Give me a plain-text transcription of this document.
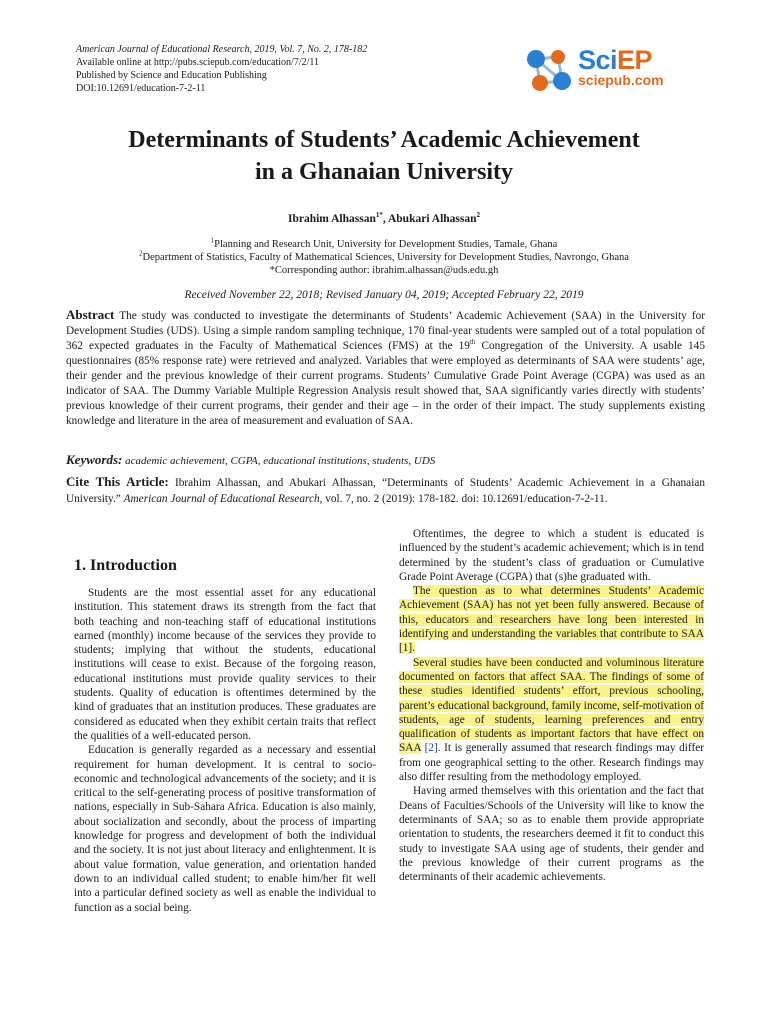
American Journal of Educational Research, 2019, Vol. 7, No. 2, 178-182
Available online at http://pubs.sciepub.com/education/7/2/11
Published by Science and Education Publishing
DOI:10.12691/education-7-2-11
SciEP
sciepub.com
Determinants of Students’ Academic Achievement
in a Ghanaian University
Ibrahim Alhassan$^{1*}$, Abukari Alhassan$^2$
$^1$Planning and Research Unit, University for Development Studies, Tamale, Ghana
$^2$Department of Statistics, Faculty of Mathematical Sciences, University for Development Studies, Navrongo, Ghana
*Corresponding author: ibrahim.alhassan@uds.edu.gh
Received November 22, 2018; Revised January 04, 2019; Accepted February 22, 2019
Abstract The study was conducted to investigate the determinants of Students’ Academic Achievement (SAA) in the University for Development Studies (UDS). Using a simple random sampling technique, 170 final-year students were sampled out of a total population of 362 expected graduates in the Faculty of Mathematical Sciences (FMS) at the 19th Congregation of the University. A usable 145 questionnaires (85% response rate) were retrieved and analyzed. Variables that were employed as determinants of SAA were students’ age, their gender and the previous knowledge of their current programs. Students’ Cumulative Grade Point Average (CGPA) was used as an indicator of SAA. The Dummy Variable Multiple Regression Analysis result showed that, SAA significantly varies directly with students’ previous knowledge of their current programs, their gender and their age – in the order of their impact. The study supplements existing knowledge and literature in the area of measurement and evaluation of SAA.
Keywords: academic achievement, CGPA, educational institutions, students, UDS
Cite This Article: Ibrahim Alhassan, and Abukari Alhassan, “Determinants of Students’ Academic Achievement in a Ghanaian University.” American Journal of Educational Research, vol. 7, no. 2 (2019): 178-182. doi: 10.12691/education-7-2-11.
1. Introduction

Students are the most essential asset for any educational institution. This statement draws its strength from the fact that both teaching and non-teaching staff of educational institutions earned (monthly) income because of the services they provide to students; implying that without the students, educational institutions will cease to exist. Because of the forgoing reason, educational institutions must provide quality services to their students. Quality of education is oftentimes determined by the kind of graduates that an institution produces. These graduates are considered as educated when they exhibit certain traits that reflect the qualities of a well-educated person.

Education is generally regarded as a necessary and essential requirement for human development. It is central to socio-economic and technological advancements of the society; and it is critical to the self-generating process of positive transformation of nations, especially in Sub-Sahara Africa. Education is also mainly, about socialization and secondly, about the process of imparting knowledge for progress and development of both the individual and the society. It is not just about literacy and enlightenment. It is about value formation, value generation, and orientation handed down to an individual called student; to enable him/her fit well into a particular defined society as well as enable the individual to function as a social being.

Oftentimes, the degree to which a student is educated is influenced by the student’s academic achievement; which is in tend determined by the student’s class of graduation or Cumulative Grade Point Average (CGPA) that (s)he graduated with.

The question as to what determines Students’ Academic Achievement (SAA) has not yet been fully answered. Because of this, educators and researchers have long been interested in identifying and understanding the variables that contribute to SAA [1].

Several studies have been conducted and voluminous literature documented on factors that affect SAA. The findings of some of these studies identified students’ effort, previous schooling, parent’s educational background, family income, self-motivation of students, age of students, learning preferences and entry qualification of students as important factors that have effect on SAA [2]. It is generally assumed that research findings may differ from one geographical setting to the other. Research findings may also differ resulting from the methodology employed.

Having armed themselves with this orientation and the fact that Deans of Faculties/Schools of the University will like to know the determinants of SAA; so as to enable them provide appropriate orientation to students, the researchers deemed it fit to conduct this study to investigate SAA using age of students, their gender and the previous knowledge of their current programs as the determinants of their academic achievements.
